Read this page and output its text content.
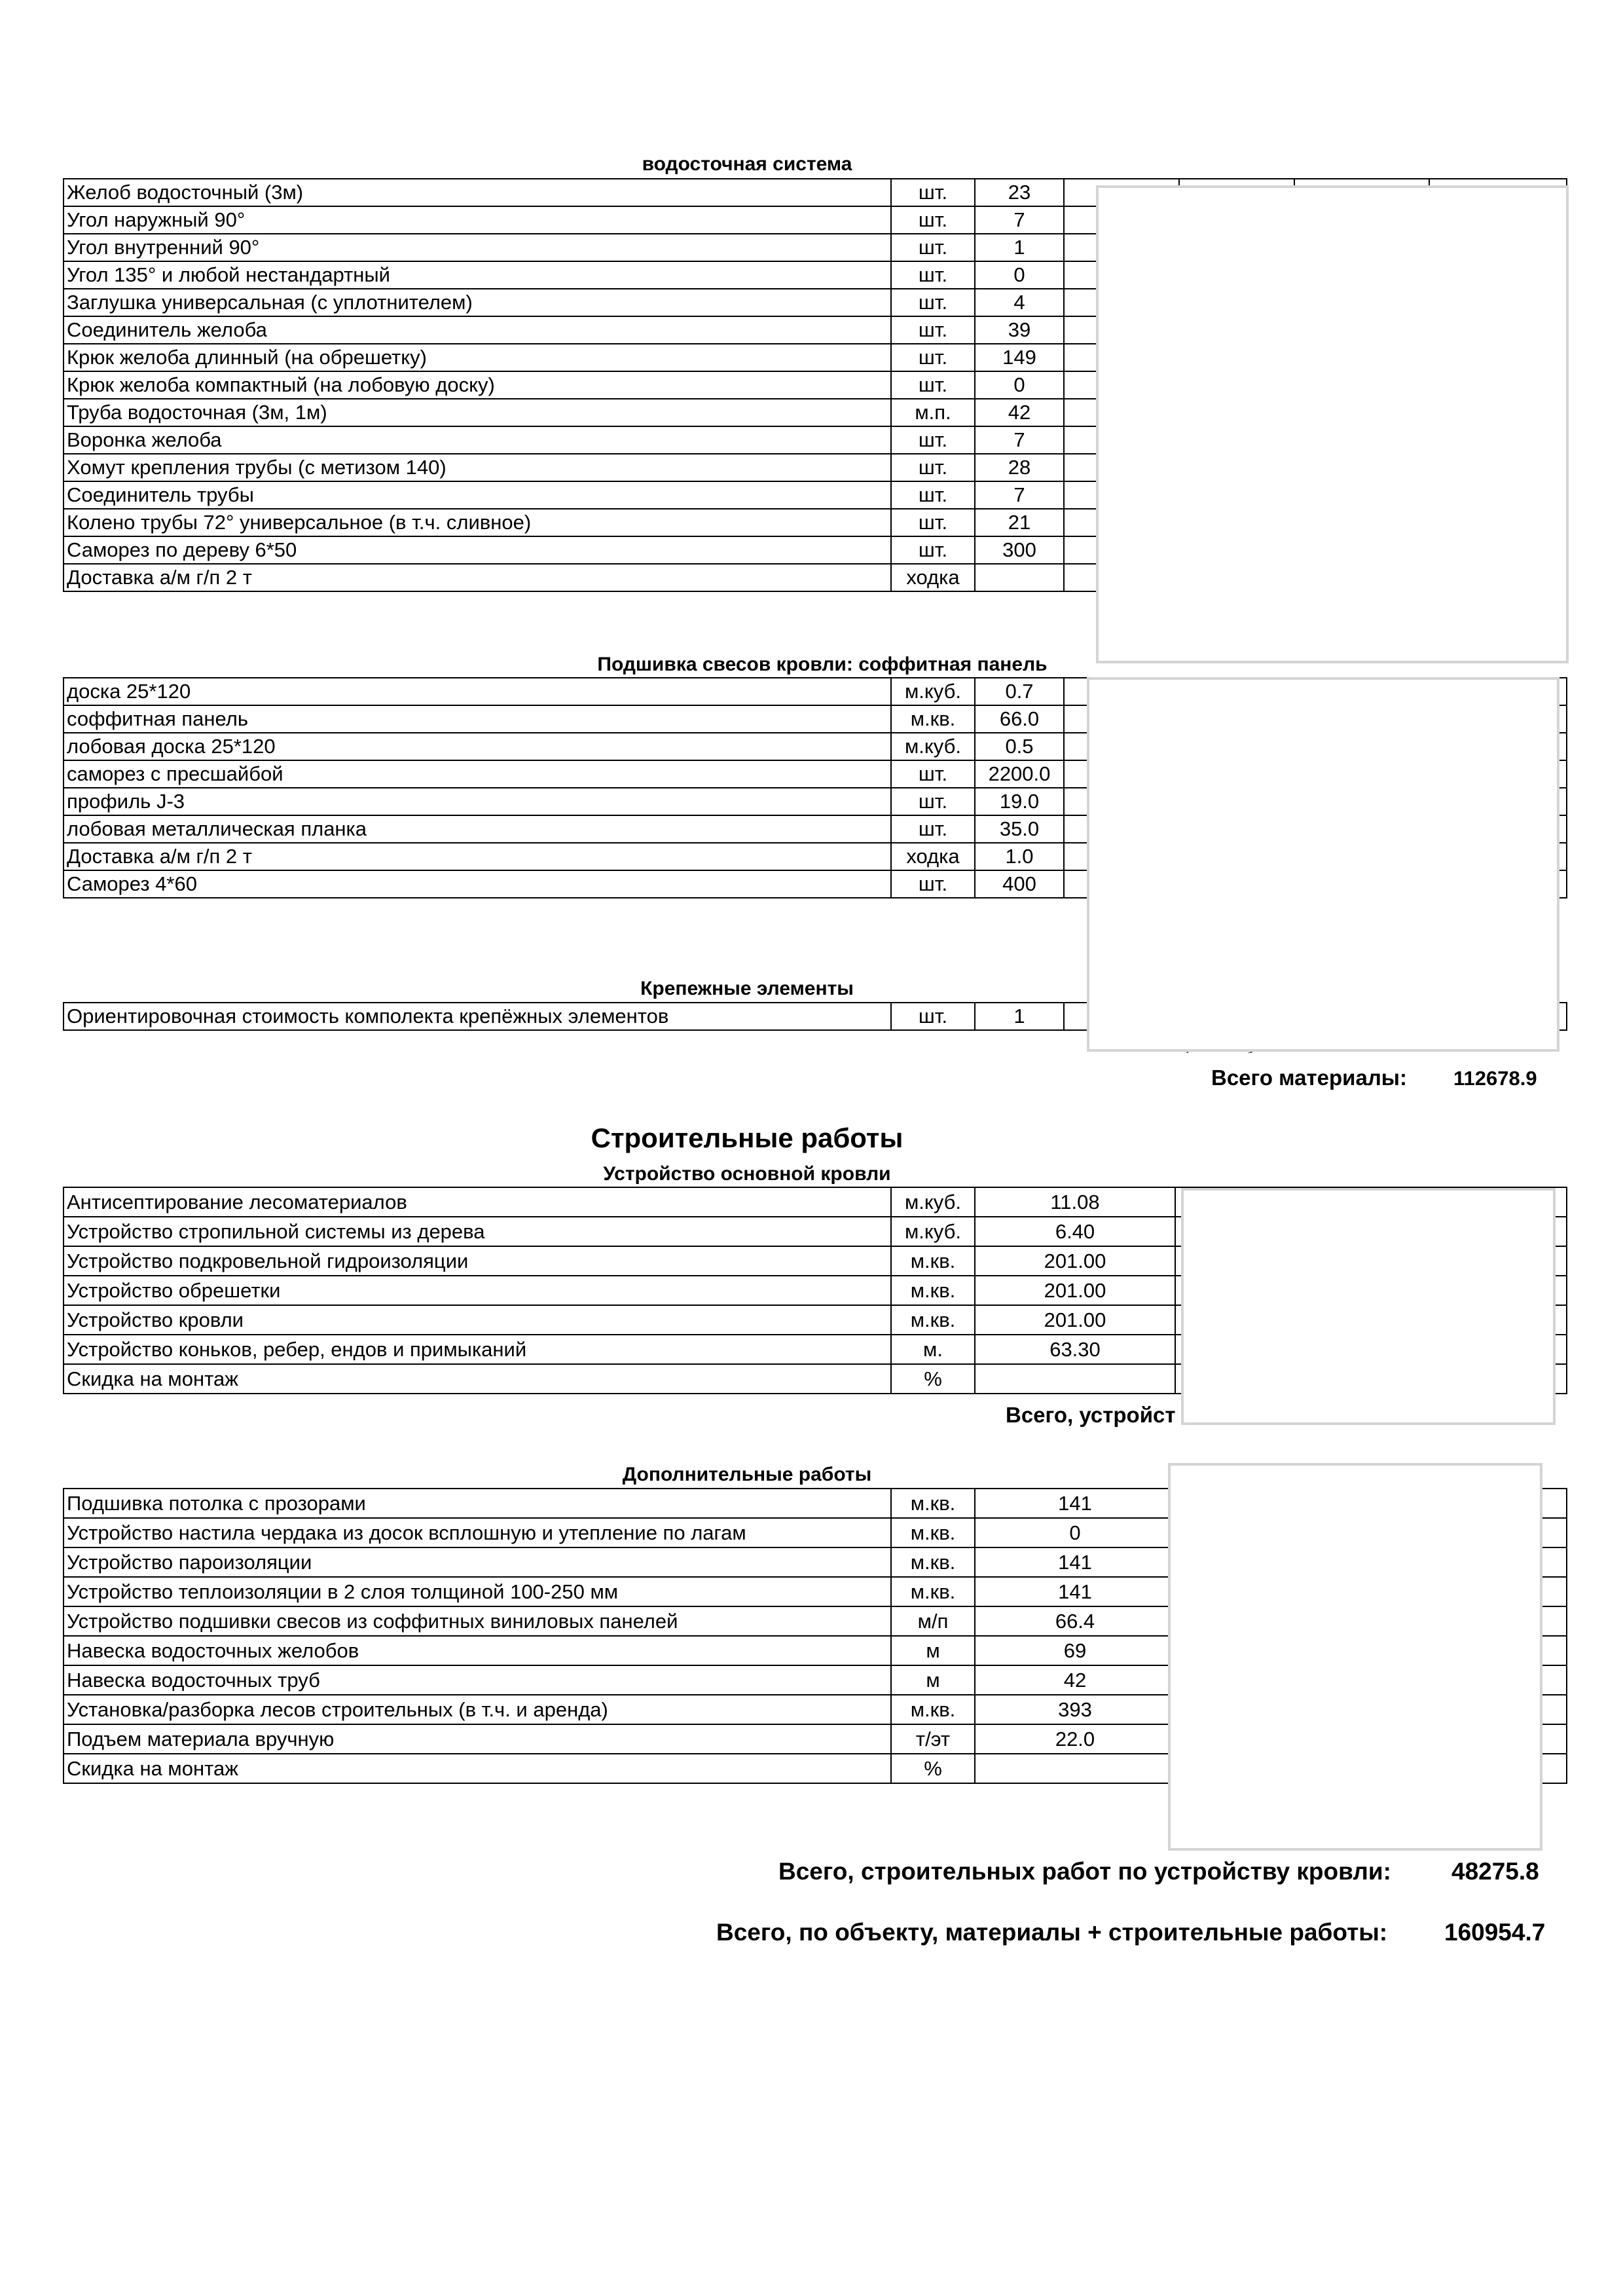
водосточная система
Желоб водосточный (3м)	шт.	23				
Угол наружный 90°	шт.	7				
Угол внутренний 90°	шт.	1				
Угол 135° и любой нестандартный	шт.	0				
Заглушка универсальная (с уплотнителем)	шт.	4				
Соединитель желоба	шт.	39				
Крюк желоба длинный (на обрешетку)	шт.	149				
Крюк желоба компактный (на лобовую доску)	шт.	0				
Труба водосточная (3м, 1м)	м.п.	42				
Воронка желоба	шт.	7				
Хомут крепления трубы (с метизом 140)	шт.	28				
Соединитель трубы	шт.	7				
Колено трубы 72° универсальное (в т.ч. сливное)	шт.	21				
Саморез по дереву 6*50	шт.	300				
Доставка а/м г/п 2 т	ходка					
Подшивка свесов кровли: соффитная панель
доска 25*120	м.куб.	0.7		
соффитная панель	м.кв.	66.0		
лобовая доска 25*120	м.куб.	0.5		
саморез с пресшайбой	шт.	2200.0		
профиль J-3	шт.	19.0		
лобовая металлическая планка	шт.	35.0		
Доставка а/м г/п 2 т	ходка	1.0		
Саморез 4*60	шт.	400		
Крепежные элементы
Ориентировочная стоимость комполекта крепёжных элементов	шт.	1		
Всего материалы: 112678.9
Строительные работы
Устройство основной кровли
Антисептирование лесоматериалов	м.куб.	11.08		
Устройство стропильной системы из дерева	м.куб.	6.40		
Устройство подкровельной гидроизоляции	м.кв.	201.00		
Устройство обрешетки	м.кв.	201.00		
Устройство кровли	м.кв.	201.00		
Устройство коньков, ребер, ендов и примыканий	м.	63.30		
Скидка на монтаж	%			
Всего, устройст
Дополнительные работы
Подшивка потолка с прозорами	м.кв.	141		
Устройство настила чердака из досок всплошную и утепление по лагам	м.кв.	0		
Устройство пароизоляции	м.кв.	141		
Устройство теплоизоляции в 2 слоя толщиной 100-250 мм	м.кв.	141		
Устройство подшивки свесов из соффитных виниловых панелей	м/п	66.4		
Навеска водосточных желобов	м	69		
Навеска водосточных труб	м	42		
Установка/разборка лесов строительных (в т.ч. и аренда)	м.кв.	393		
Подъем материала вручную	т/эт	22.0		
Скидка на монтаж	%			
Всего, строительных работ по устройству кровли: 48275.8
Всего, по объекту, материалы + строительные работы: 160954.7
